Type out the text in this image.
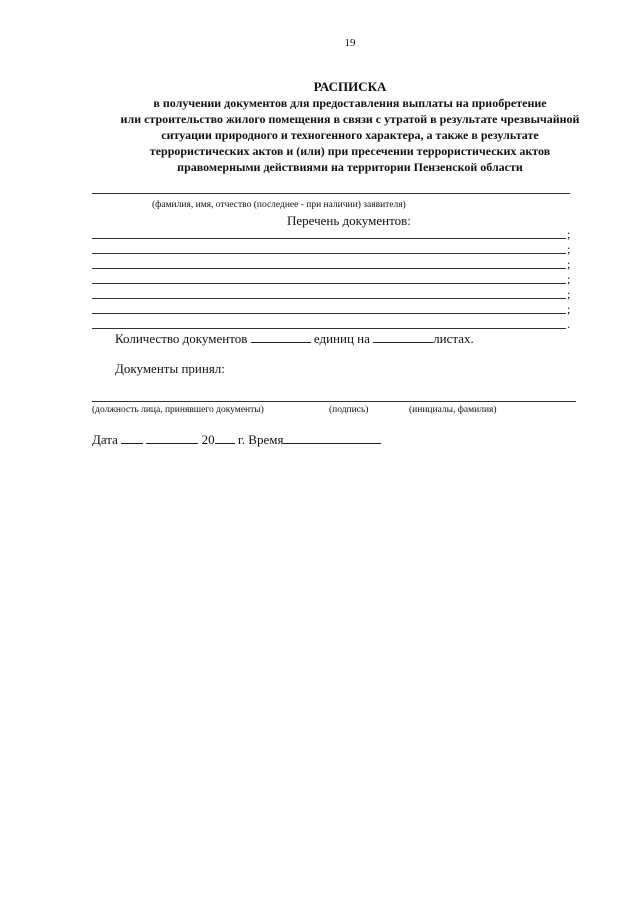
19
РАСПИСКА
в получении документов для предоставления выплаты на приобретение
или строительство жилого помещения в связи с утратой в результате чрезвычайной
ситуации природного и техногенного характера, а также в результате
террористических актов и (или) при пресечении террористических актов
правомерными действиями на территории Пензенской области
(фамилия, имя, отчество (последнее - при наличии) заявителя)
Перечень документов:
;
;
;
;
;
;
.
Количество документов	единиц на	листах.
Документы принял:
(должность лица, принявшего документы)	(подпись)	(инициалы, фамилия)
Дата	20 г. Время
